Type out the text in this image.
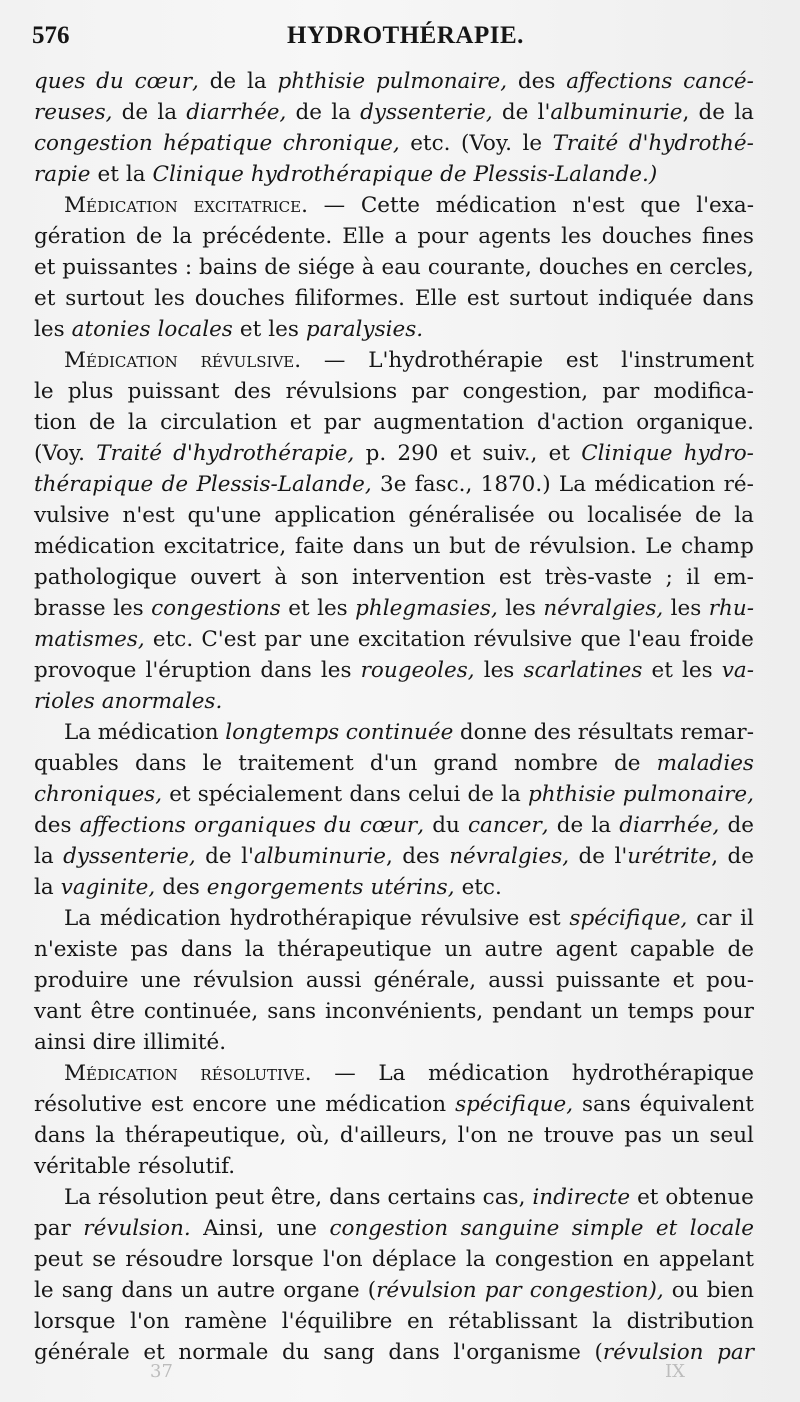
576	HYDROTHÉRAPIE.
ques du cœur, de la phthisie pulmonaire, des affections cancé-
reuses, de la diarrhée, de la dyssenterie, de l'albuminurie, de la
congestion hépatique chronique, etc. (Voy. le Traité d'hydrothé-
rapie et la Clinique hydrothérapique de Plessis-Lalande.)
Médication excitatrice. — Cette médication n'est que l'exa-
gération de la précédente. Elle a pour agents les douches fines
et puissantes : bains de siége à eau courante, douches en cercles,
et surtout les douches filiformes. Elle est surtout indiquée dans
les atonies locales et les paralysies.
Médication révulsive. — L'hydrothérapie est l'instrument
le plus puissant des révulsions par congestion, par modifica-
tion de la circulation et par augmentation d'action organique.
(Voy. Traité d'hydrothérapie, p. 290 et suiv., et Clinique hydro-
thérapique de Plessis-Lalande, 3e fasc., 1870.) La médication ré-
vulsive n'est qu'une application généralisée ou localisée de la
médication excitatrice, faite dans un but de révulsion. Le champ
pathologique ouvert à son intervention est très-vaste ; il em-
brasse les congestions et les phlegmasies, les névralgies, les rhu-
matismes, etc. C'est par une excitation révulsive que l'eau froide
provoque l'éruption dans les rougeoles, les scarlatines et les va-
rioles anormales.
La médication longtemps continuée donne des résultats remar-
quables dans le traitement d'un grand nombre de maladies
chroniques, et spécialement dans celui de la phthisie pulmonaire,
des affections organiques du cœur, du cancer, de la diarrhée, de
la dyssenterie, de l'albuminurie, des névralgies, de l'urétrite, de
la vaginite, des engorgements utérins, etc.
La médication hydrothérapique révulsive est spécifique, car il
n'existe pas dans la thérapeutique un autre agent capable de
produire une révulsion aussi générale, aussi puissante et pou-
vant être continuée, sans inconvénients, pendant un temps pour
ainsi dire illimité.
Médication résolutive. — La médication hydrothérapique
résolutive est encore une médication spécifique, sans équivalent
dans la thérapeutique, où, d'ailleurs, l'on ne trouve pas un seul
véritable résolutif.
La résolution peut être, dans certains cas, indirecte et obtenue
par révulsion. Ainsi, une congestion sanguine simple et locale
peut se résoudre lorsque l'on déplace la congestion en appelant
le sang dans un autre organe (révulsion par congestion), ou bien
lorsque l'on ramène l'équilibre en rétablissant la distribution
générale et normale du sang dans l'organisme (révulsion par
37	IX
